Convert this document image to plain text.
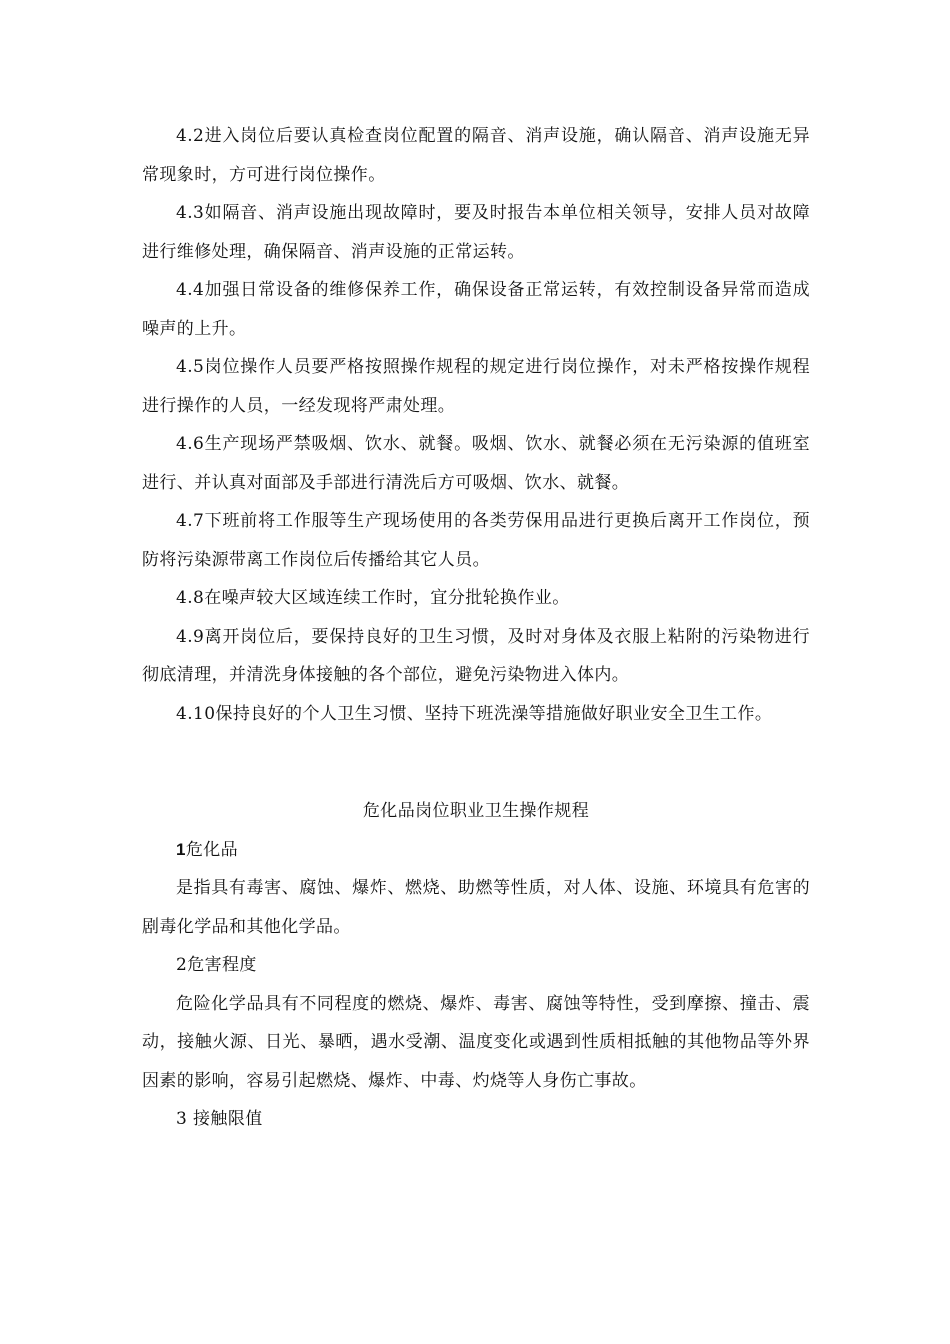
4.2进入岗位后要认真检查岗位配置的隔音、消声设施，确认隔音、消声设施无异常现象时，方可进行岗位操作。

4.3如隔音、消声设施出现故障时，要及时报告本单位相关领导，安排人员对故障进行维修处理，确保隔音、消声设施的正常运转。

4.4加强日常设备的维修保养工作，确保设备正常运转，有效控制设备异常而造成噪声的上升。

4.5岗位操作人员要严格按照操作规程的规定进行岗位操作，对未严格按操作规程进行操作的人员，一经发现将严肃处理。

4.6生产现场严禁吸烟、饮水、就餐。吸烟、饮水、就餐必须在无污染源的值班室进行、并认真对面部及手部进行清洗后方可吸烟、饮水、就餐。

4.7下班前将工作服等生产现场使用的各类劳保用品进行更换后离开工作岗位，预防将污染源带离工作岗位后传播给其它人员。

4.8在噪声较大区域连续工作时，宜分批轮换作业。

4.9离开岗位后，要保持良好的卫生习惯，及时对身体及衣服上粘附的污染物进行彻底清理，并清洗身体接触的各个部位，避免污染物进入体内。

4.10保持良好的个人卫生习惯、坚持下班洗澡等措施做好职业安全卫生工作。

危化品岗位职业卫生操作规程

1危化品

是指具有毒害、腐蚀、爆炸、燃烧、助燃等性质，对人体、设施、环境具有危害的剧毒化学品和其他化学品。

2危害程度

危险化学品具有不同程度的燃烧、爆炸、毒害、腐蚀等特性，受到摩擦、撞击、震动，接触火源、日光、暴晒，遇水受潮、温度变化或遇到性质相抵触的其他物品等外界因素的影响，容易引起燃烧、爆炸、中毒、灼烧等人身伤亡事故。

3 接触限值
